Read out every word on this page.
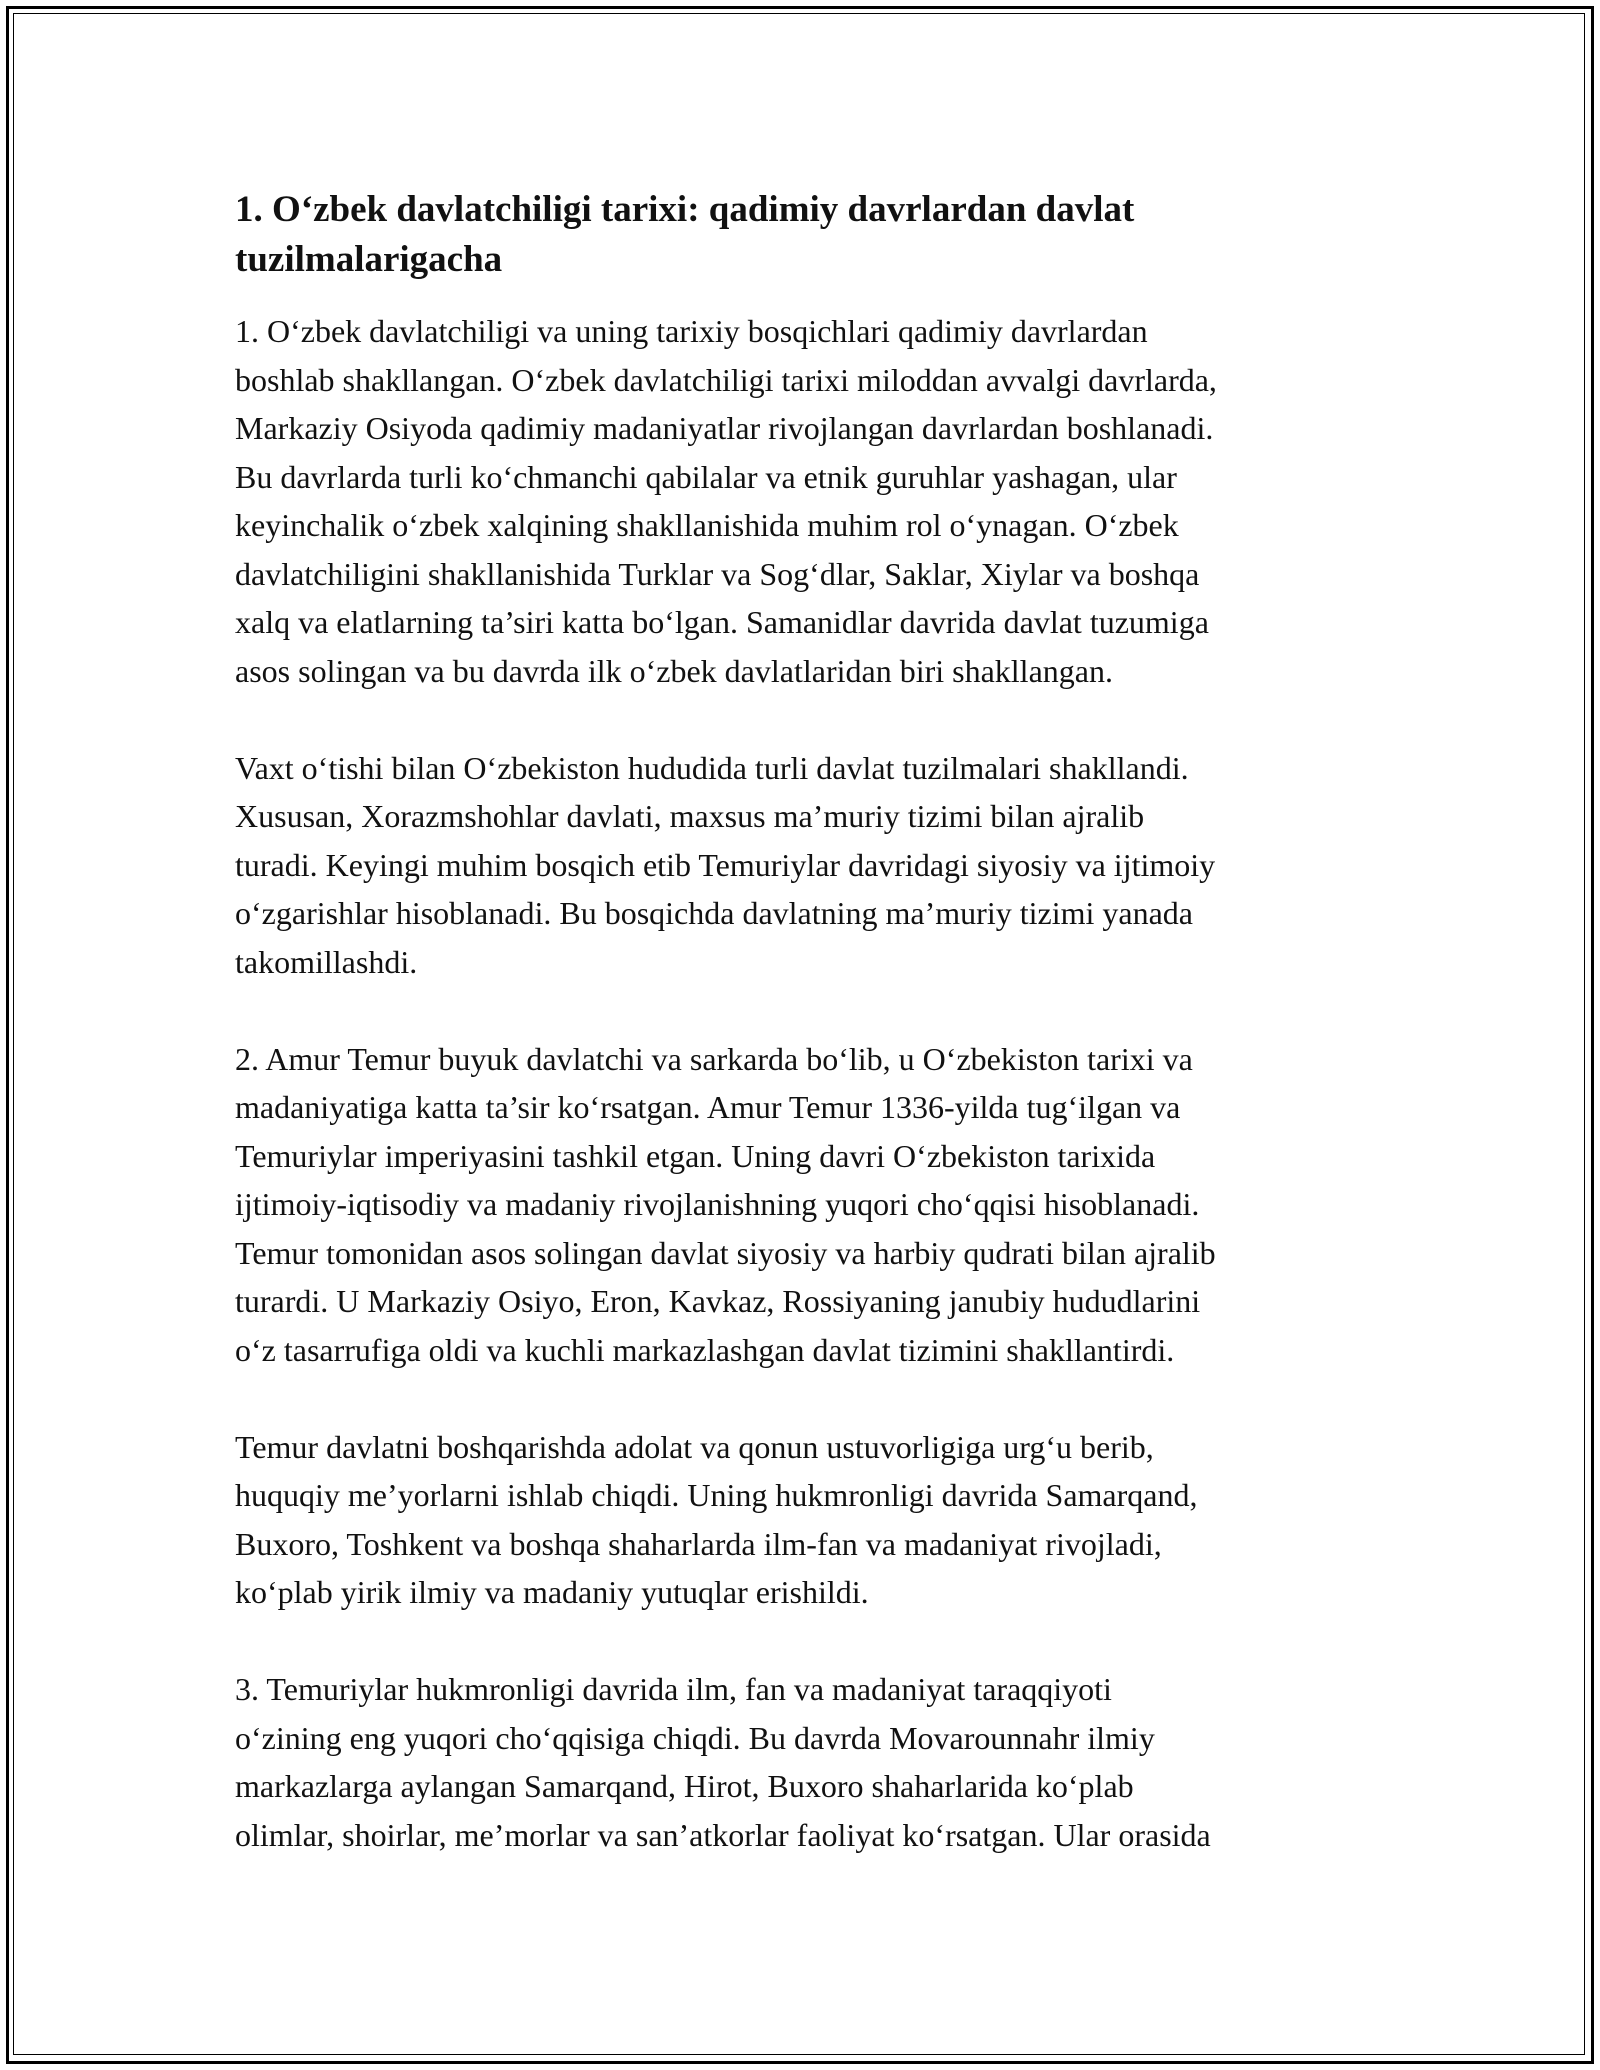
1. O‘zbek davlatchiligi tarixi: qadimiy davrlardan davlat
tuzilmalarigacha

1. O‘zbek davlatchiligi va uning tarixiy bosqichlari qadimiy davrlardan
boshlab shakllangan. O‘zbek davlatchiligi tarixi miloddan avvalgi davrlarda,
Markaziy Osiyoda qadimiy madaniyatlar rivojlangan davrlardan boshlanadi.
Bu davrlarda turli ko‘chmanchi qabilalar va etnik guruhlar yashagan, ular
keyinchalik o‘zbek xalqining shakllanishida muhim rol o‘ynagan. O‘zbek
davlatchiligini shakllanishida Turklar va Sog‘dlar, Saklar, Xiylar va boshqa
xalq va elatlarning ta’siri katta bo‘lgan. Samanidlar davrida davlat tuzumiga
asos solingan va bu davrda ilk o‘zbek davlatlaridan biri shakllangan.

Vaxt o‘tishi bilan O‘zbekiston hududida turli davlat tuzilmalari shakllandi.
Xususan, Xorazmshohlar davlati, maxsus ma’muriy tizimi bilan ajralib
turadi. Keyingi muhim bosqich etib Temuriylar davridagi siyosiy va ijtimoiy
o‘zgarishlar hisoblanadi. Bu bosqichda davlatning ma’muriy tizimi yanada
takomillashdi.

2. Amur Temur buyuk davlatchi va sarkarda bo‘lib, u O‘zbekiston tarixi va
madaniyatiga katta ta’sir ko‘rsatgan. Amur Temur 1336-yilda tug‘ilgan va
Temuriylar imperiyasini tashkil etgan. Uning davri O‘zbekiston tarixida
ijtimoiy-iqtisodiy va madaniy rivojlanishning yuqori cho‘qqisi hisoblanadi.
Temur tomonidan asos solingan davlat siyosiy va harbiy qudrati bilan ajralib
turardi. U Markaziy Osiyo, Eron, Kavkaz, Rossiyaning janubiy hududlarini
o‘z tasarrufiga oldi va kuchli markazlashgan davlat tizimini shakllantirdi.

Temur davlatni boshqarishda adolat va qonun ustuvorligiga urg‘u berib,
huquqiy me’yorlarni ishlab chiqdi. Uning hukmronligi davrida Samarqand,
Buxoro, Toshkent va boshqa shaharlarda ilm-fan va madaniyat rivojladi,
ko‘plab yirik ilmiy va madaniy yutuqlar erishildi.

3. Temuriylar hukmronligi davrida ilm, fan va madaniyat taraqqiyoti
o‘zining eng yuqori cho‘qqisiga chiqdi. Bu davrda Movarounnahr ilmiy
markazlarga aylangan Samarqand, Hirot, Buxoro shaharlarida ko‘plab
olimlar, shoirlar, me’morlar va san’atkorlar faoliyat ko‘rsatgan. Ular orasida
